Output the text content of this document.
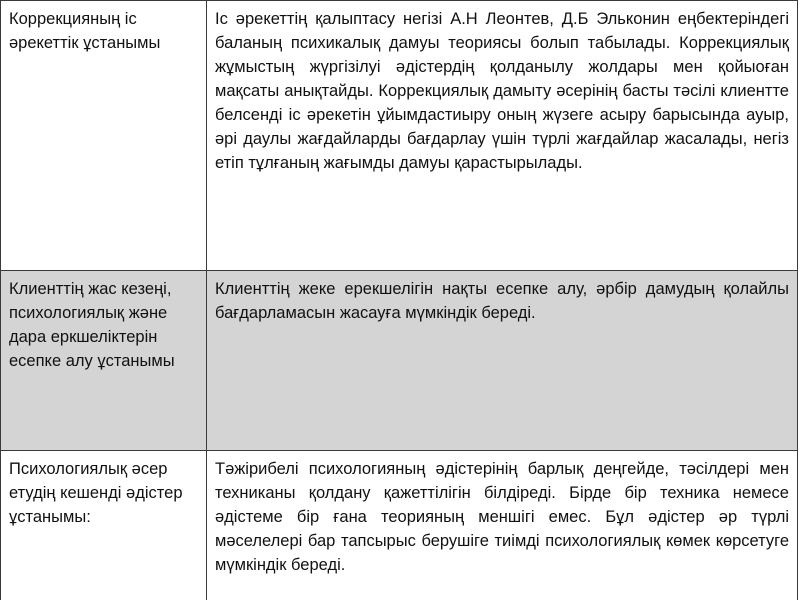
Коррекцияның іс әрекеттік ұстанымы	Іс әрекеттің қалыптасу негізі А.Н Леонтев, Д.Б Эльконин еңбектеріндегі баланың психикалық дамуы теориясы болып табылады. Коррекциялық жұмыстың жүргізілуі әдістердің қолданылу жолдары мен қойыоған мақсаты анықтайды. Коррекциялық дамыту әсерінің басты тәсілі клиентте белсенді іс әрекетін ұйымдастиыру оның жүзеге асыру барысында ауыр, әрі даулы жағдайларды бағдарлау үшін түрлі жағдайлар жасалады, негіз етіп тұлғаның жағымды дамуы қарастырылады.
Клиенттің жас кезеңі, психологиялық және дара еркшеліктерін есепке алу ұстанымы	Клиенттің жеке ерекшелігін нақты есепке алу, әрбір дамудың қолайлы бағдарламасын жасауға мүмкіндік береді.
Психологиялық әсер етудің кешенді әдістер ұстанымы:	Тәжірибелі психологияның әдістерінің барлық деңгейде, тәсілдері мен техниканы қолдану қажеттілігін білдіреді. Бірде бір техника немесе әдістеме бір ғана теорияның меншігі емес. Бұл әдістер әр түрлі мәселелері бар тапсырыс берушіге тиімді психологиялық көмек көрсетуге мүмкіндік береді.
